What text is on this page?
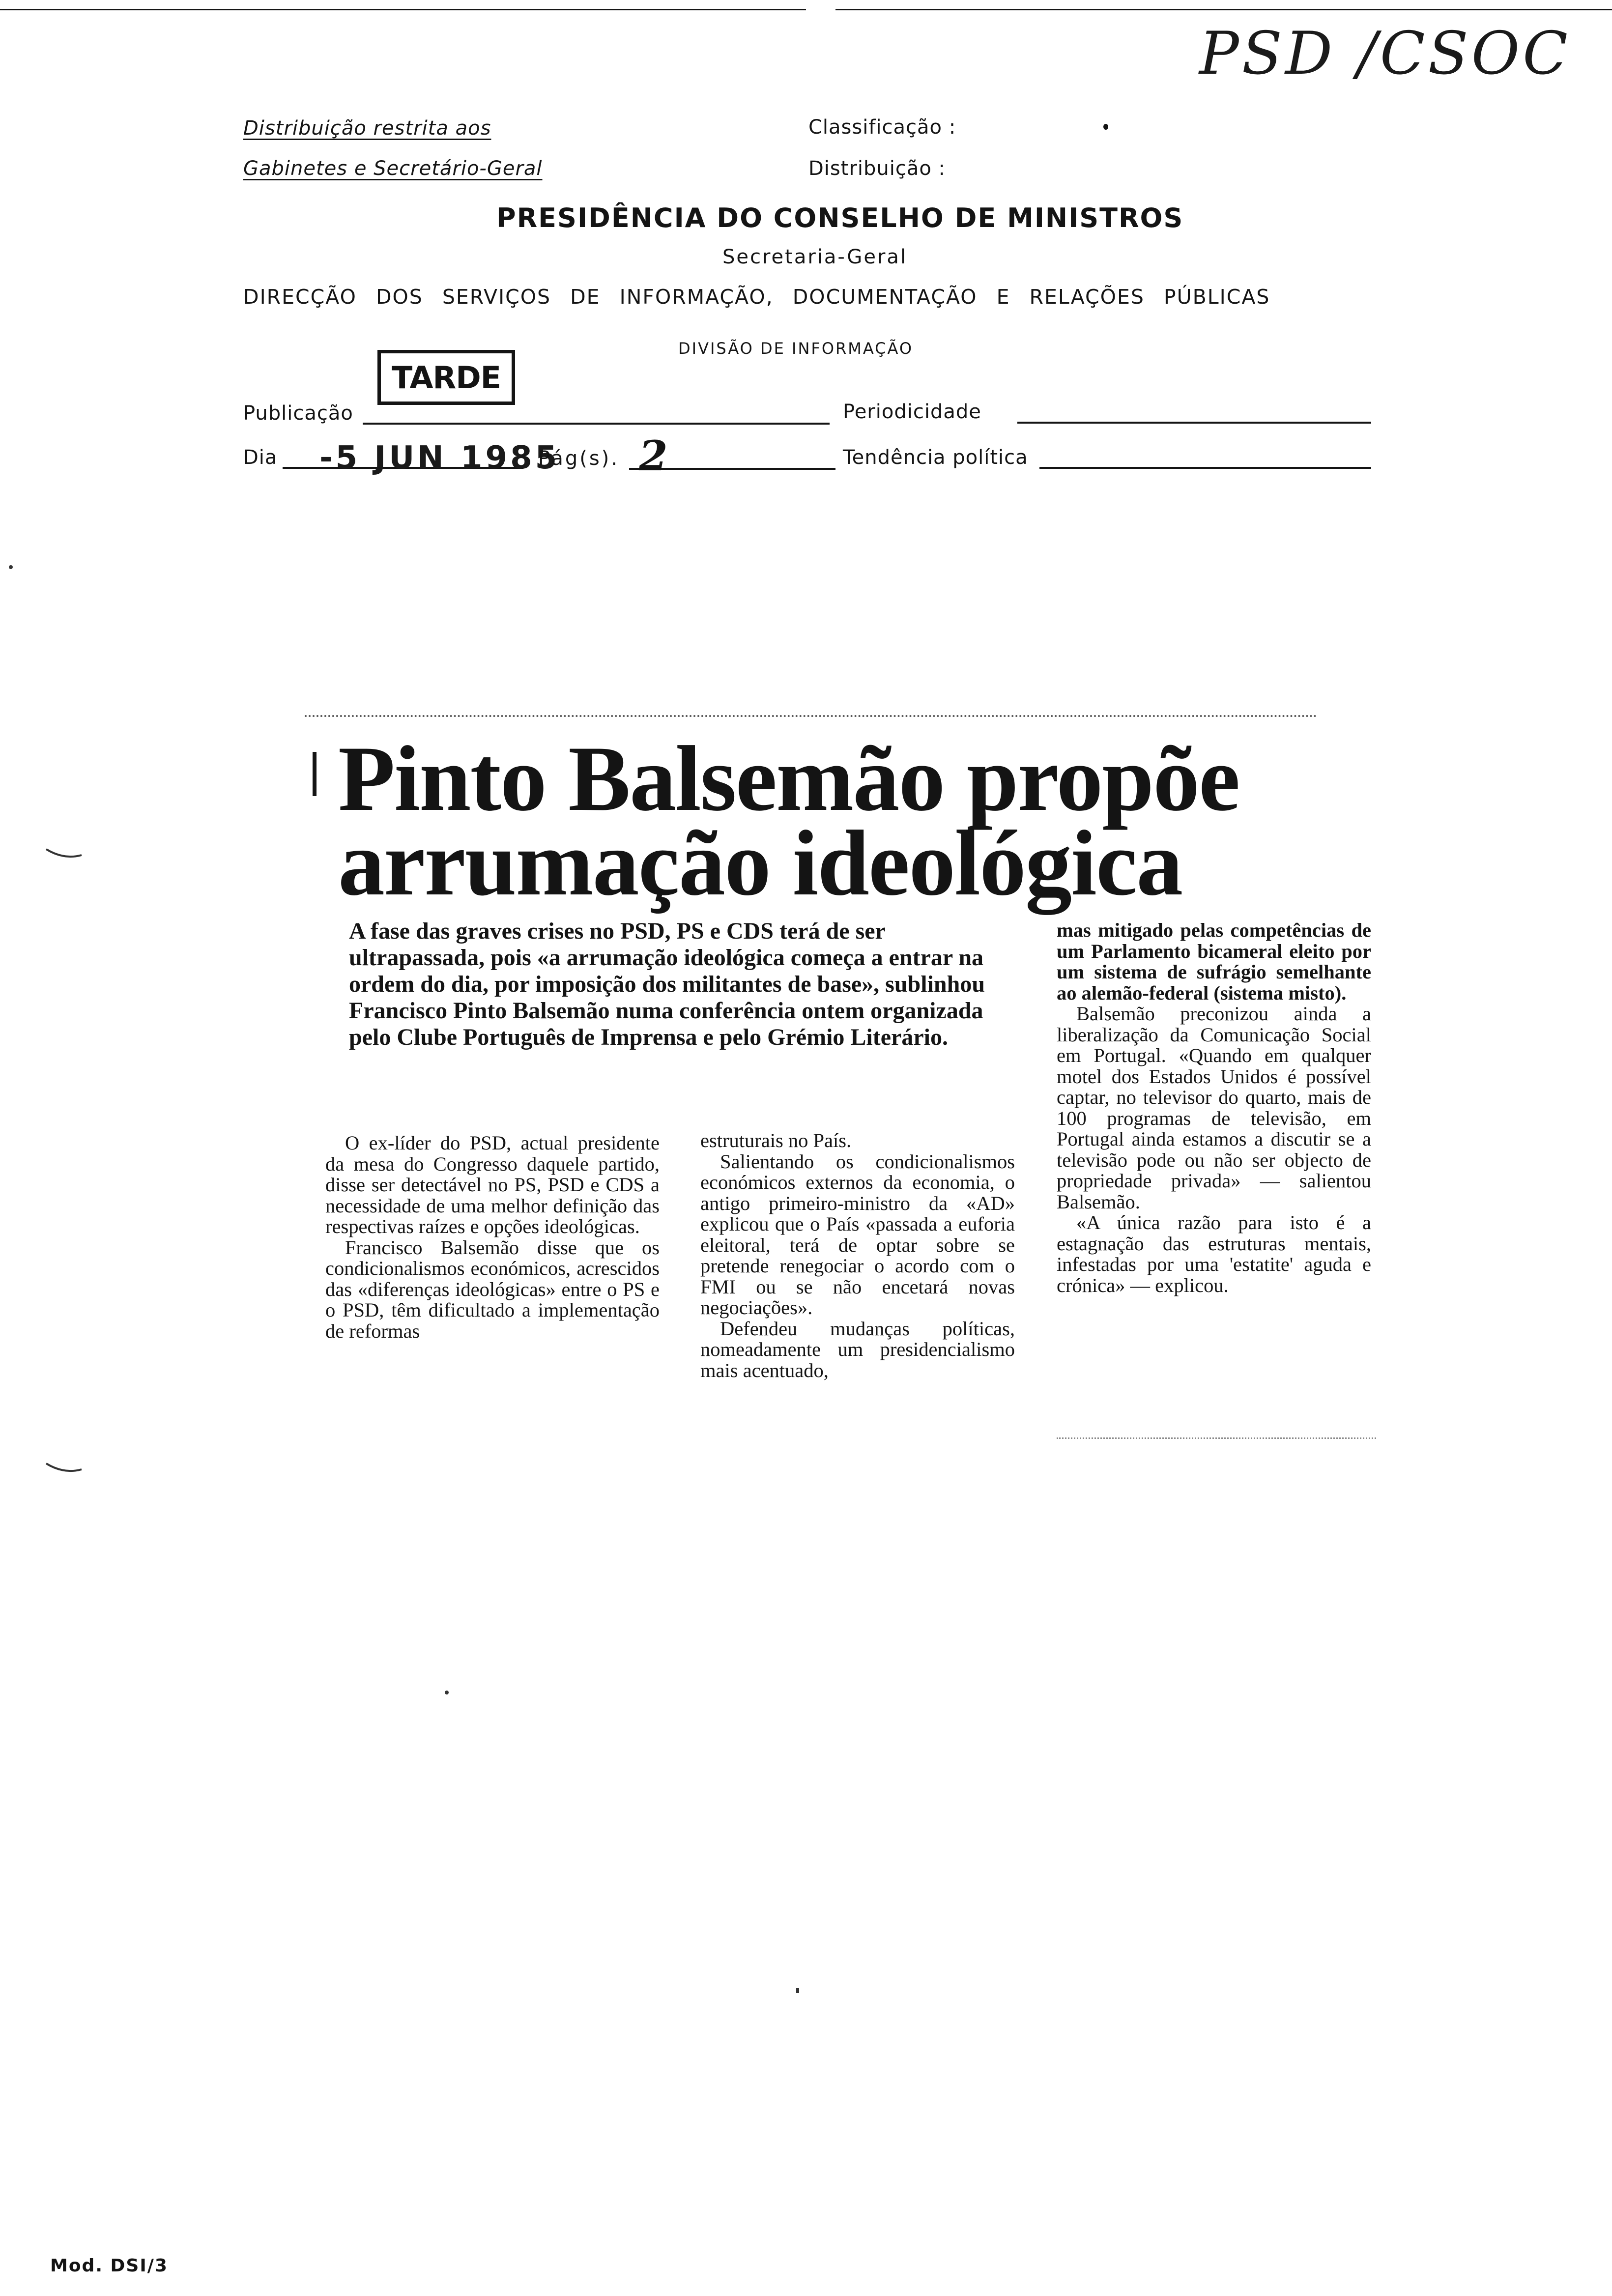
PSD /CSOC
Distribuição restrita aos
Gabinetes e Secretário-Geral
Classificação :
Distribuição :
PRESIDÊNCIA DO CONSELHO DE MINISTROS
Secretaria-Geral
DIRECÇÃO DOS SERVIÇOS DE INFORMAÇÃO, DOCUMENTAÇÃO E RELAÇÕES PÚBLICAS
DIVISÃO DE INFORMAÇÃO
TARDE
Publicação	Periodicidade
Dia -5 JUN 1985
Pág(s). 2	Tendência política
Pinto Balsemão propõe
arrumação ideológica
A fase das graves crises no PSD, PS e CDS terá de ser ultrapassada, pois «a arrumação ideológica começa a entrar na ordem do dia, por imposição dos militantes de base», sublinhou Francisco Pinto Balsemão numa conferência ontem organizada pelo Clube Português de Imprensa e pelo Grémio Literário.

O ex-líder do PSD, actual presidente da mesa do Congresso daquele partido, disse ser detectável no PS, PSD e CDS a necessidade de uma melhor definição das respectivas raízes e opções ideológicas.

Francisco Balsemão disse que os condicionalismos económicos, acrescidos das «diferenças ideológicas» entre o PS e o PSD, têm dificultado a implementação de reformas

estruturais no País.

Salientando os condicionalismos económicos externos da economia, o antigo primeiro-ministro da «AD» explicou que o País «passada a euforia eleitoral, terá de optar sobre se pretende renegociar o acordo com o FMI ou se não encetará novas negociações».

Defendeu mudanças políticas, nomeadamente um presidencialismo mais acentuado,

mas mitigado pelas competências de um Parlamento bicameral eleito por um sistema de sufrágio semelhante ao alemão-federal (sistema misto).

Balsemão preconizou ainda a liberalização da Comunicação Social em Portugal. «Quando em qualquer motel dos Estados Unidos é possível captar, no televisor do quarto, mais de 100 programas de televisão, em Portugal ainda estamos a discutir se a televisão pode ou não ser objecto de propriedade privada» — salientou Balsemão.

«A única razão para isto é a estagnação das estruturas mentais, infestadas por uma 'estatite' aguda e crónica» — explicou.

Mod. DSI/3
